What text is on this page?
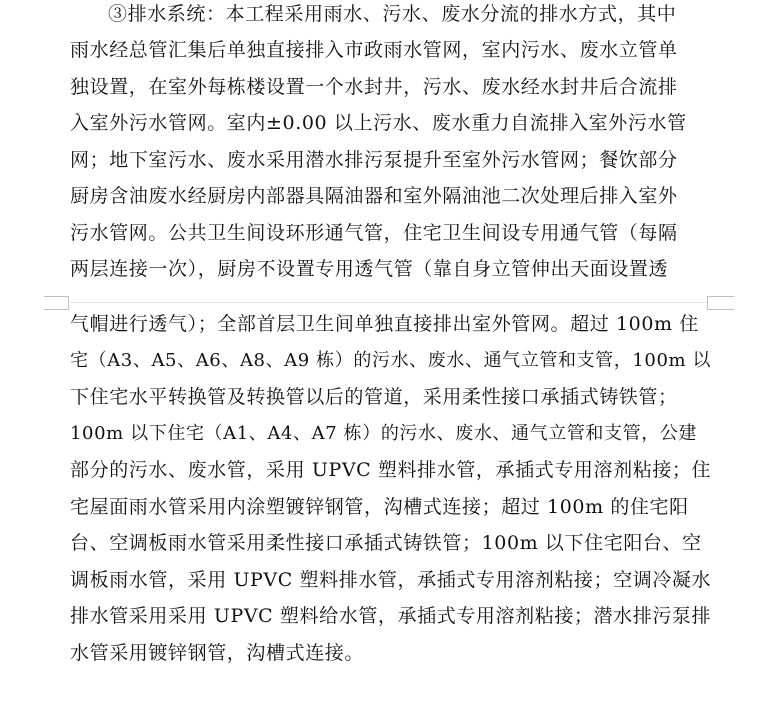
③排水系统：本工程采用雨水、污水、废水分流的排水方式，其中
雨水经总管汇集后单独直接排入市政雨水管网，室内污水、废水立管单
独设置，在室外每栋楼设置一个水封井，污水、废水经水封井后合流排
入室外污水管网。室内±0.00 以上污水、废水重力自流排入室外污水管
网；地下室污水、废水采用潜水排污泵提升至室外污水管网；餐饮部分
厨房含油废水经厨房内部器具隔油器和室外隔油池二次处理后排入室外
污水管网。公共卫生间设环形通气管，住宅卫生间设专用通气管（每隔
两层连接一次），厨房不设置专用透气管（靠自身立管伸出天面设置透
气帽进行透气）；全部首层卫生间单独直接排出室外管网。超过 100m 住
宅（A3、A5、A6、A8、A9 栋）的污水、废水、通气立管和支管，100m 以
下住宅水平转换管及转换管以后的管道，采用柔性接口承插式铸铁管；
100m 以下住宅（A1、A4、A7 栋）的污水、废水、通气立管和支管，公建
部分的污水、废水管，采用 UPVC 塑料排水管，承插式专用溶剂粘接；住
宅屋面雨水管采用内涂塑镀锌钢管，沟槽式连接；超过 100m 的住宅阳
台、空调板雨水管采用柔性接口承插式铸铁管；100m 以下住宅阳台、空
调板雨水管，采用 UPVC 塑料排水管，承插式专用溶剂粘接；空调冷凝水
排水管采用采用 UPVC 塑料给水管，承插式专用溶剂粘接；潜水排污泵排
水管采用镀锌钢管，沟槽式连接。
